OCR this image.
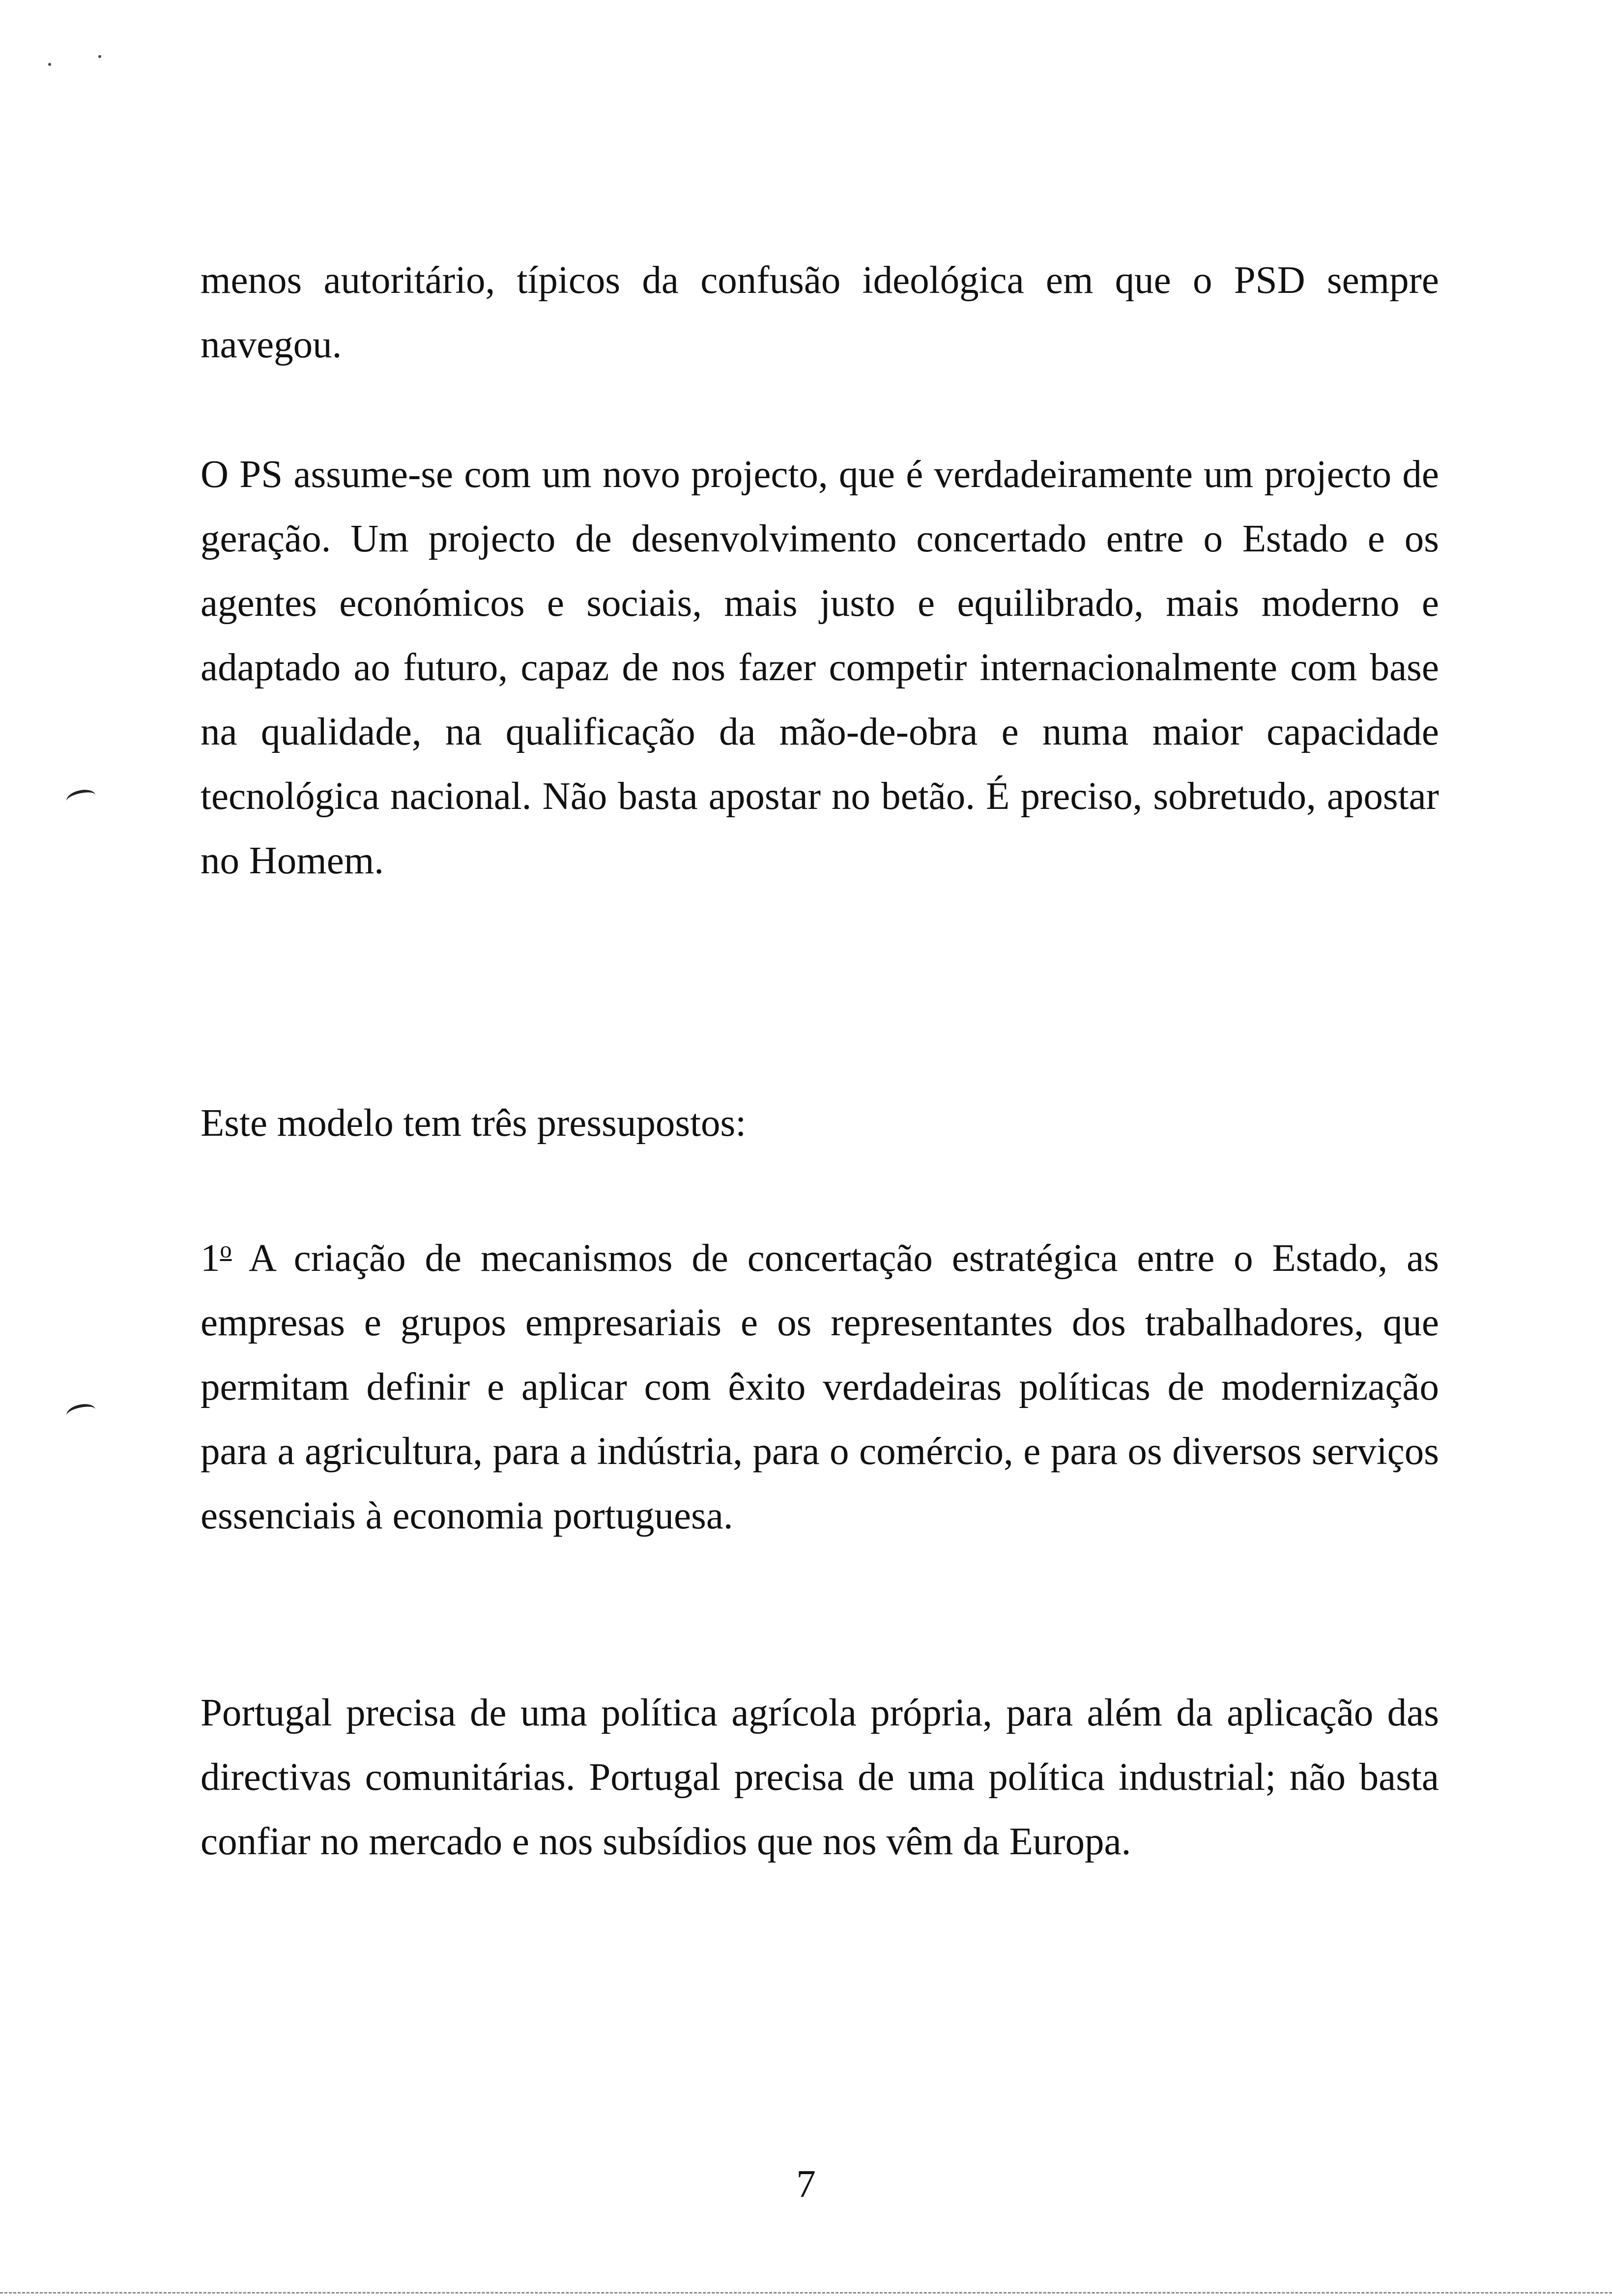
menos autoritário, típicos da confusão ideológica em que o PSD sempre navegou.

O PS assume-se com um novo projecto, que é verdadeiramente um projecto de geração. Um projecto de desenvolvimento concertado entre o Estado e os agentes económicos e sociais, mais justo e equilibrado, mais moderno e adaptado ao futuro, capaz de nos fazer competir internacionalmente com base na qualidade, na qualificação da mão-de-obra e numa maior capacidade tecnológica nacional. Não basta apostar no betão. É preciso, sobretudo, apostar no Homem.

Este modelo tem três pressupostos:

1$^o$ A criação de mecanismos de concertação estratégica entre o Estado, as empresas e grupos empresariais e os representantes dos trabalhadores, que permitam definir e aplicar com êxito verdadeiras políticas de modernização para a agricultura, para a indústria, para o comércio, e para os diversos serviços essenciais à economia portuguesa.

Portugal precisa de uma política agrícola própria, para além da aplicação das directivas comunitárias. Portugal precisa de uma política industrial; não basta confiar no mercado e nos subsídios que nos vêm da Europa.

7
